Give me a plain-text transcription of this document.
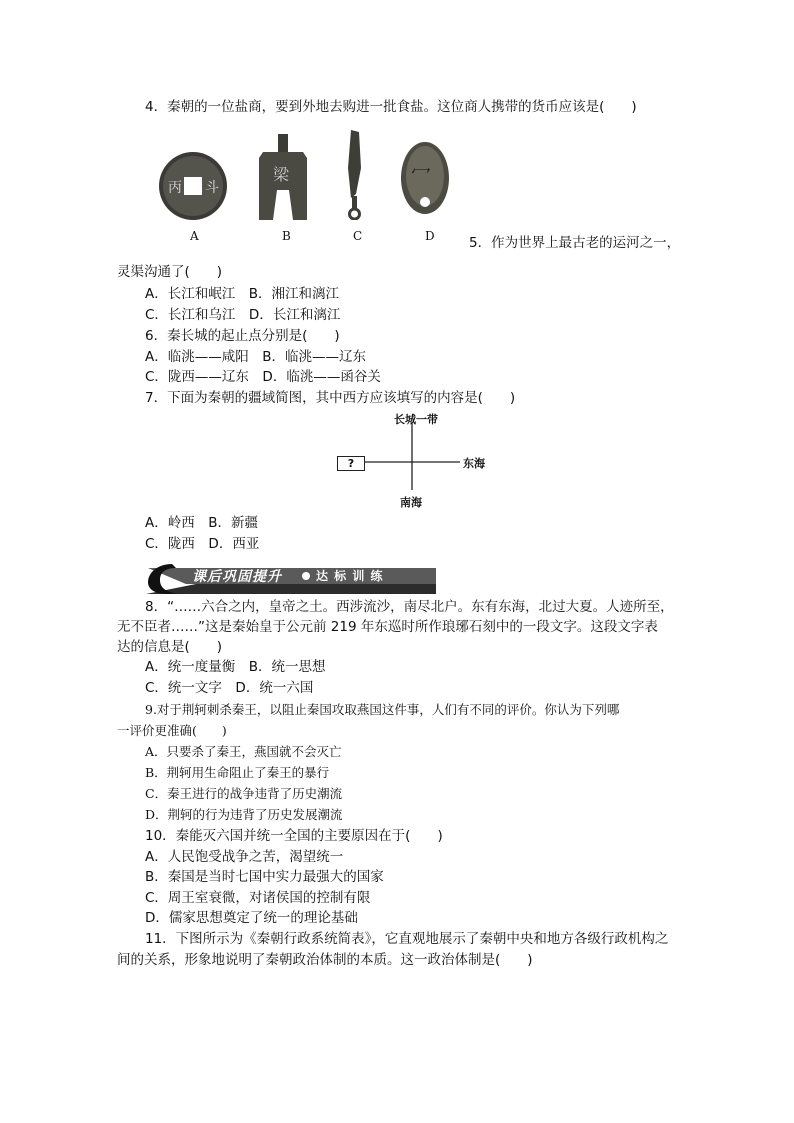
4．秦朝的一位盐商，要到外地去购进一批食盐。这位商人携带的货币应该是(　　)
丙 斗
梁	冖
A	B	C	D	5．作为世界上最古老的运河之一，
灵渠沟通了(　　)
A．长江和岷江　B．湘江和漓江
C．长江和乌江　D．长江和漓江
6．秦长城的起止点分别是(　　)
A．临洮——咸阳　B．临洮——辽东
C．陇西——辽东　D．临洮——函谷关
7．下面为秦朝的疆域简图，其中西方应该填写的内容是(　　)
长城一带
东海
南海
?
A．岭西　B．新疆
C．陇西　D．西亚
课后巩固提升	达 标 训 练
8．“……六合之内，皇帝之土。西涉流沙，南尽北户。东有东海，北过大夏。人迹所至，
无不臣者……”这是秦始皇于公元前 219 年东巡时所作琅琊石刻中的一段文字。这段文字表
达的信息是(　　)
A．统一度量衡　B．统一思想
C．统一文字　D．统一六国
9.对于荆轲刺杀秦王，以阻止秦国攻取燕国这件事，人们有不同的评价。你认为下列哪
一评价更准确(　　)
A．只要杀了秦王，燕国就不会灭亡
B．荆轲用生命阻止了秦王的暴行
C．秦王进行的战争违背了历史潮流
D．荆轲的行为违背了历史发展潮流
10．秦能灭六国并统一全国的主要原因在于(　　)
A．人民饱受战争之苦，渴望统一
B．秦国是当时七国中实力最强大的国家
C．周王室衰微，对诸侯国的控制有限
D．儒家思想奠定了统一的理论基础
11．下图所示为《秦朝行政系统简表》，它直观地展示了秦朝中央和地方各级行政机构之
间的关系，形象地说明了秦朝政治体制的本质。这一政治体制是(　　)
